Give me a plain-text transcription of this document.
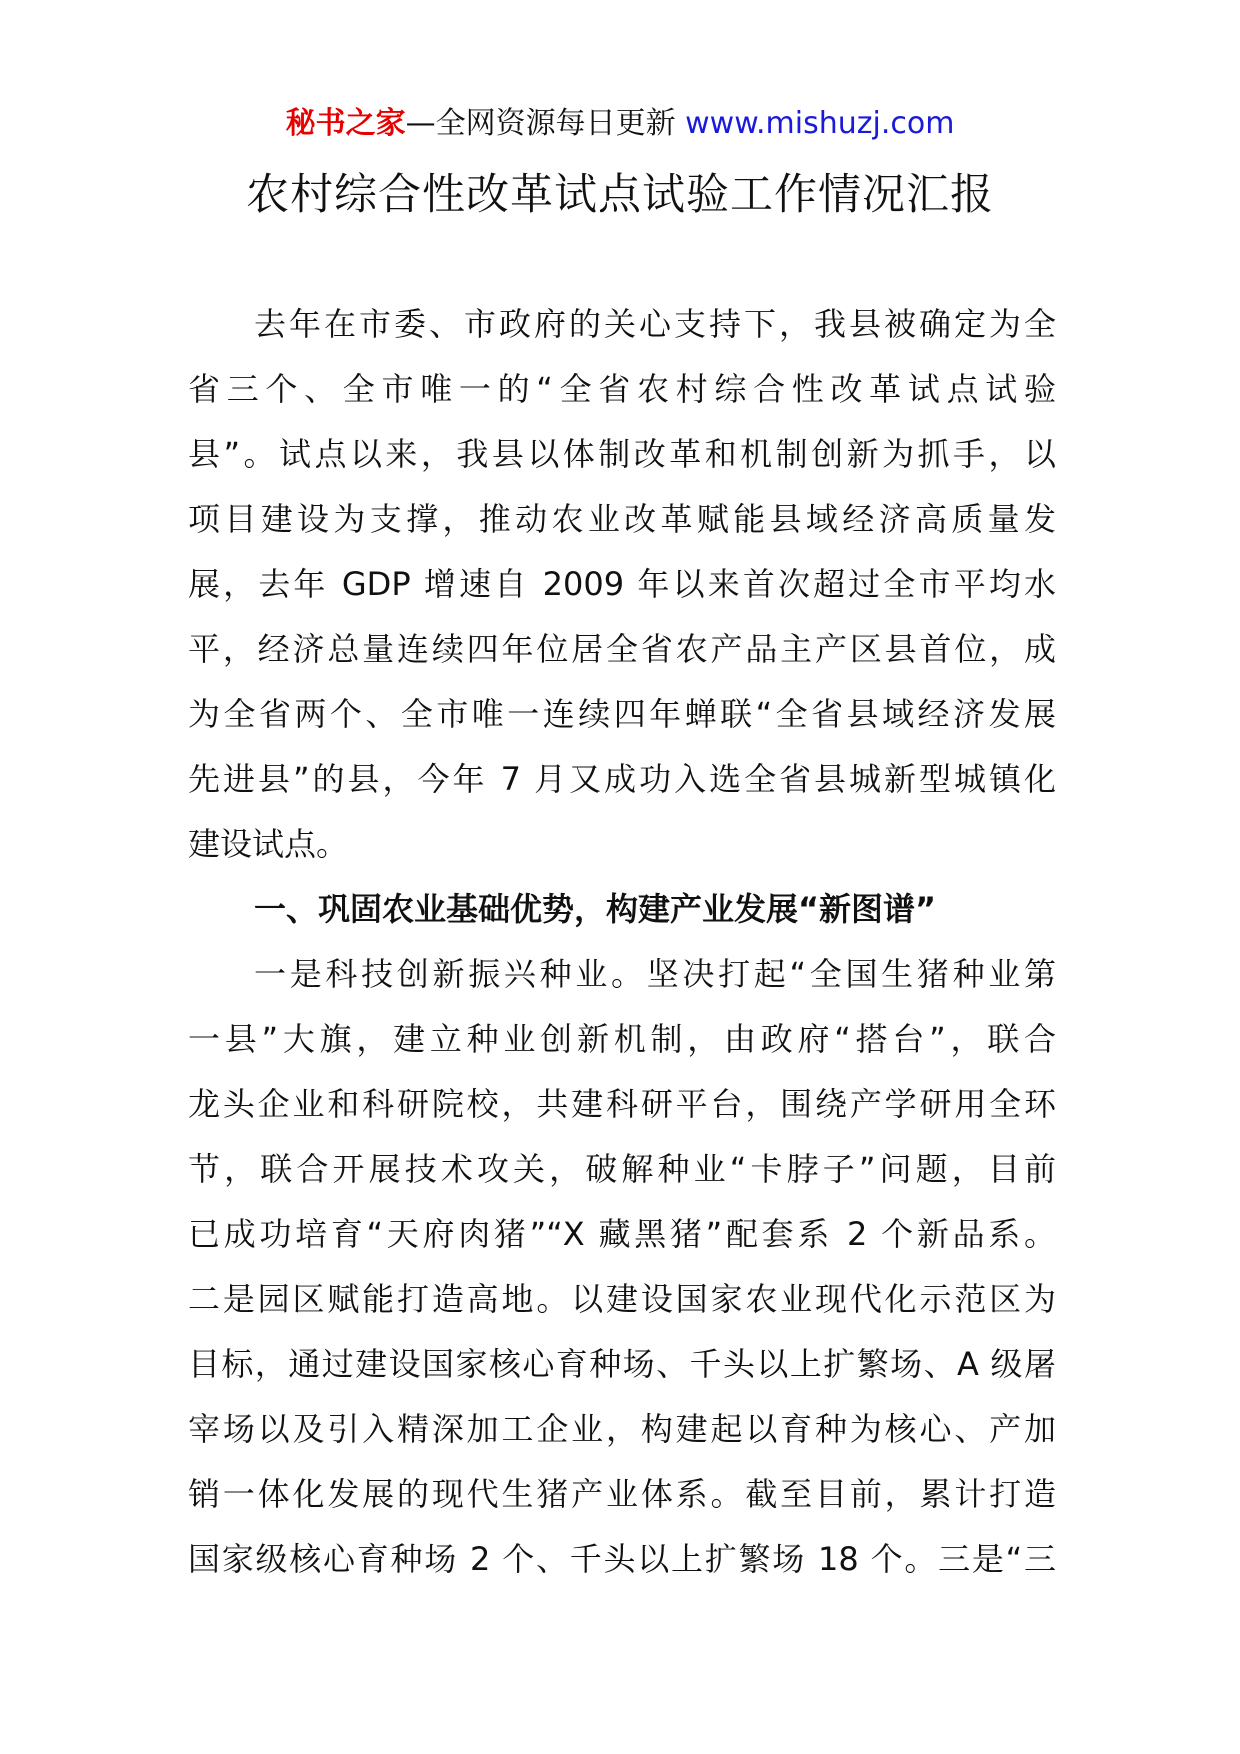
秘书之家—全网资源每日更新 www.mishuzj.com
农村综合性改革试点试验工作情况汇报
去年在市委、市政府的关心支持下，我县被确定为全
省三个、全市唯一的“全省农村综合性改革试点试验
县”。试点以来，我县以体制改革和机制创新为抓手，以
项目建设为支撑，推动农业改革赋能县域经济高质量发
展，去年 GDP 增速自 2009 年以来首次超过全市平均水
平，经济总量连续四年位居全省农产品主产区县首位，成
为全省两个、全市唯一连续四年蝉联“全省县域经济发展
先进县”的县，今年 7 月又成功入选全省县城新型城镇化
建设试点。
一、巩固农业基础优势，构建产业发展“新图谱”
一是科技创新振兴种业。坚决打起“全国生猪种业第
一县”大旗，建立种业创新机制，由政府“搭台”，联合
龙头企业和科研院校，共建科研平台，围绕产学研用全环
节，联合开展技术攻关，破解种业“卡脖子”问题，目前
已成功培育“天府肉猪”“X 藏黑猪”配套系 2 个新品系。
二是园区赋能打造高地。以建设国家农业现代化示范区为
目标，通过建设国家核心育种场、千头以上扩繁场、A 级屠
宰场以及引入精深加工企业，构建起以育种为核心、产加
销一体化发展的现代生猪产业体系。截至目前，累计打造
国家级核心育种场 2 个、千头以上扩繁场 18 个。三是“三
